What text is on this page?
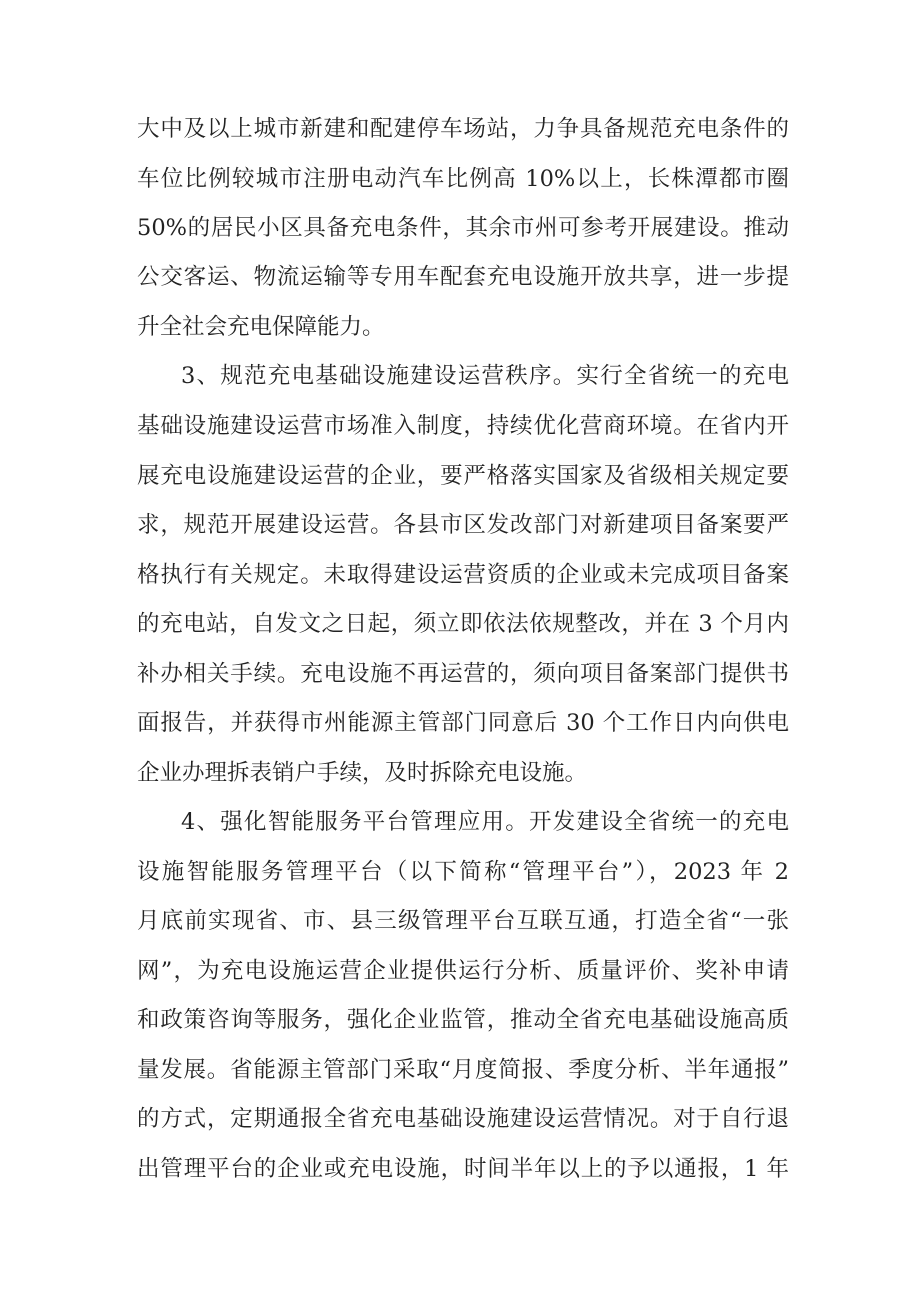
大中及以上城市新建和配建停车场站，力争具备规范充电条件的
车位比例较城市注册电动汽车比例高 10%以上，长株潭都市圈
50%的居民小区具备充电条件，其余市州可参考开展建设。推动
公交客运、物流运输等专用车配套充电设施开放共享，进一步提
升全社会充电保障能力。
3、规范充电基础设施建设运营秩序。实行全省统一的充电
基础设施建设运营市场准入制度，持续优化营商环境。在省内开
展充电设施建设运营的企业，要严格落实国家及省级相关规定要
求，规范开展建设运营。各县市区发改部门对新建项目备案要严
格执行有关规定。未取得建设运营资质的企业或未完成项目备案
的充电站，自发文之日起，须立即依法依规整改，并在 3 个月内
补办相关手续。充电设施不再运营的，须向项目备案部门提供书
面报告，并获得市州能源主管部门同意后 30 个工作日内向供电
企业办理拆表销户手续，及时拆除充电设施。
4、强化智能服务平台管理应用。开发建设全省统一的充电
设施智能服务管理平台（以下简称“管理平台”），2023 年 2
月底前实现省、市、县三级管理平台互联互通，打造全省“一张
网”，为充电设施运营企业提供运行分析、质量评价、奖补申请
和政策咨询等服务，强化企业监管，推动全省充电基础设施高质
量发展。省能源主管部门采取“月度简报、季度分析、半年通报”
的方式，定期通报全省充电基础设施建设运营情况。对于自行退
出管理平台的企业或充电设施，时间半年以上的予以通报，1 年
